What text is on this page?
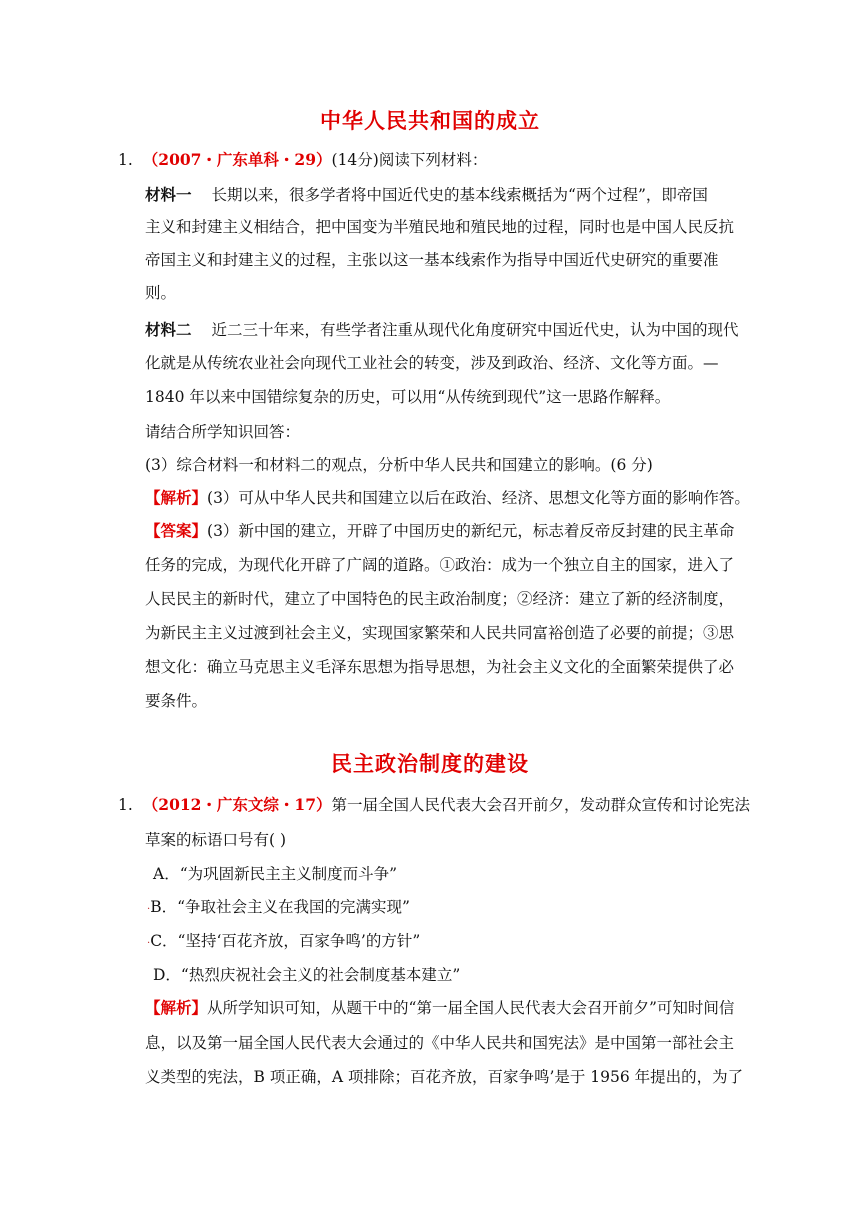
中华人民共和国的成立
1. （2007・广东单科・29）(14分)阅读下列材料：
材料一 长期以来，很多学者将中国近代史的基本线索概括为“两个过程”，即帝国
主义和封建主义相结合，把中国变为半殖民地和殖民地的过程，同时也是中国人民反抗
帝国主义和封建主义的过程，主张以这一基本线索作为指导中国近代史研究的重要准
则。
材料二 近二三十年来，有些学者注重从现代化角度研究中国近代史，认为中国的现代
化就是从传统农业社会向现代工业社会的转变，涉及到政治、经济、文化等方面。—
1840 年以来中国错综复杂的历史，可以用“从传统到现代”这一思路作解释。
请结合所学知识回答：
(3）综合材料一和材料二的观点，分析中华人民共和国建立的影响。(6 分)
【解析】(3）可从中华人民共和国建立以后在政治、经济、思想文化等方面的影响作答。
【答案】(3）新中国的建立，开辟了中国历史的新纪元，标志着反帝反封建的民主革命
任务的完成，为现代化开辟了广阔的道路。①政治：成为一个独立自主的国家，进入了
人民民主的新时代，建立了中国特色的民主政治制度；②经济：建立了新的经济制度，
为新民主主义过渡到社会主义，实现国家繁荣和人民共同富裕创造了必要的前提；③思
想文化：确立马克思主义毛泽东思想为指导思想，为社会主义文化的全面繁荣提供了必
要条件。
民主政治制度的建设
1. （2012・广东文综・17）第一届全国人民代表大会召开前夕，发动群众宣传和讨论宪法
草案的标语口号有( )
A．“为巩固新民主主义制度而斗争”
·B．“争取社会主义在我国的完满实现”
·C．“坚持‘百花齐放，百家争鸣’的方针”
D．“热烈庆祝社会主义的社会制度基本建立”
【解析】从所学知识可知，从题干中的“第一届全国人民代表大会召开前夕”可知时间信
息，以及第一届全国人民代表大会通过的《中华人民共和国宪法》是中国第一部社会主
义类型的宪法，B 项正确，A 项排除；百花齐放，百家争鸣’是于 1956 年提出的，为了
